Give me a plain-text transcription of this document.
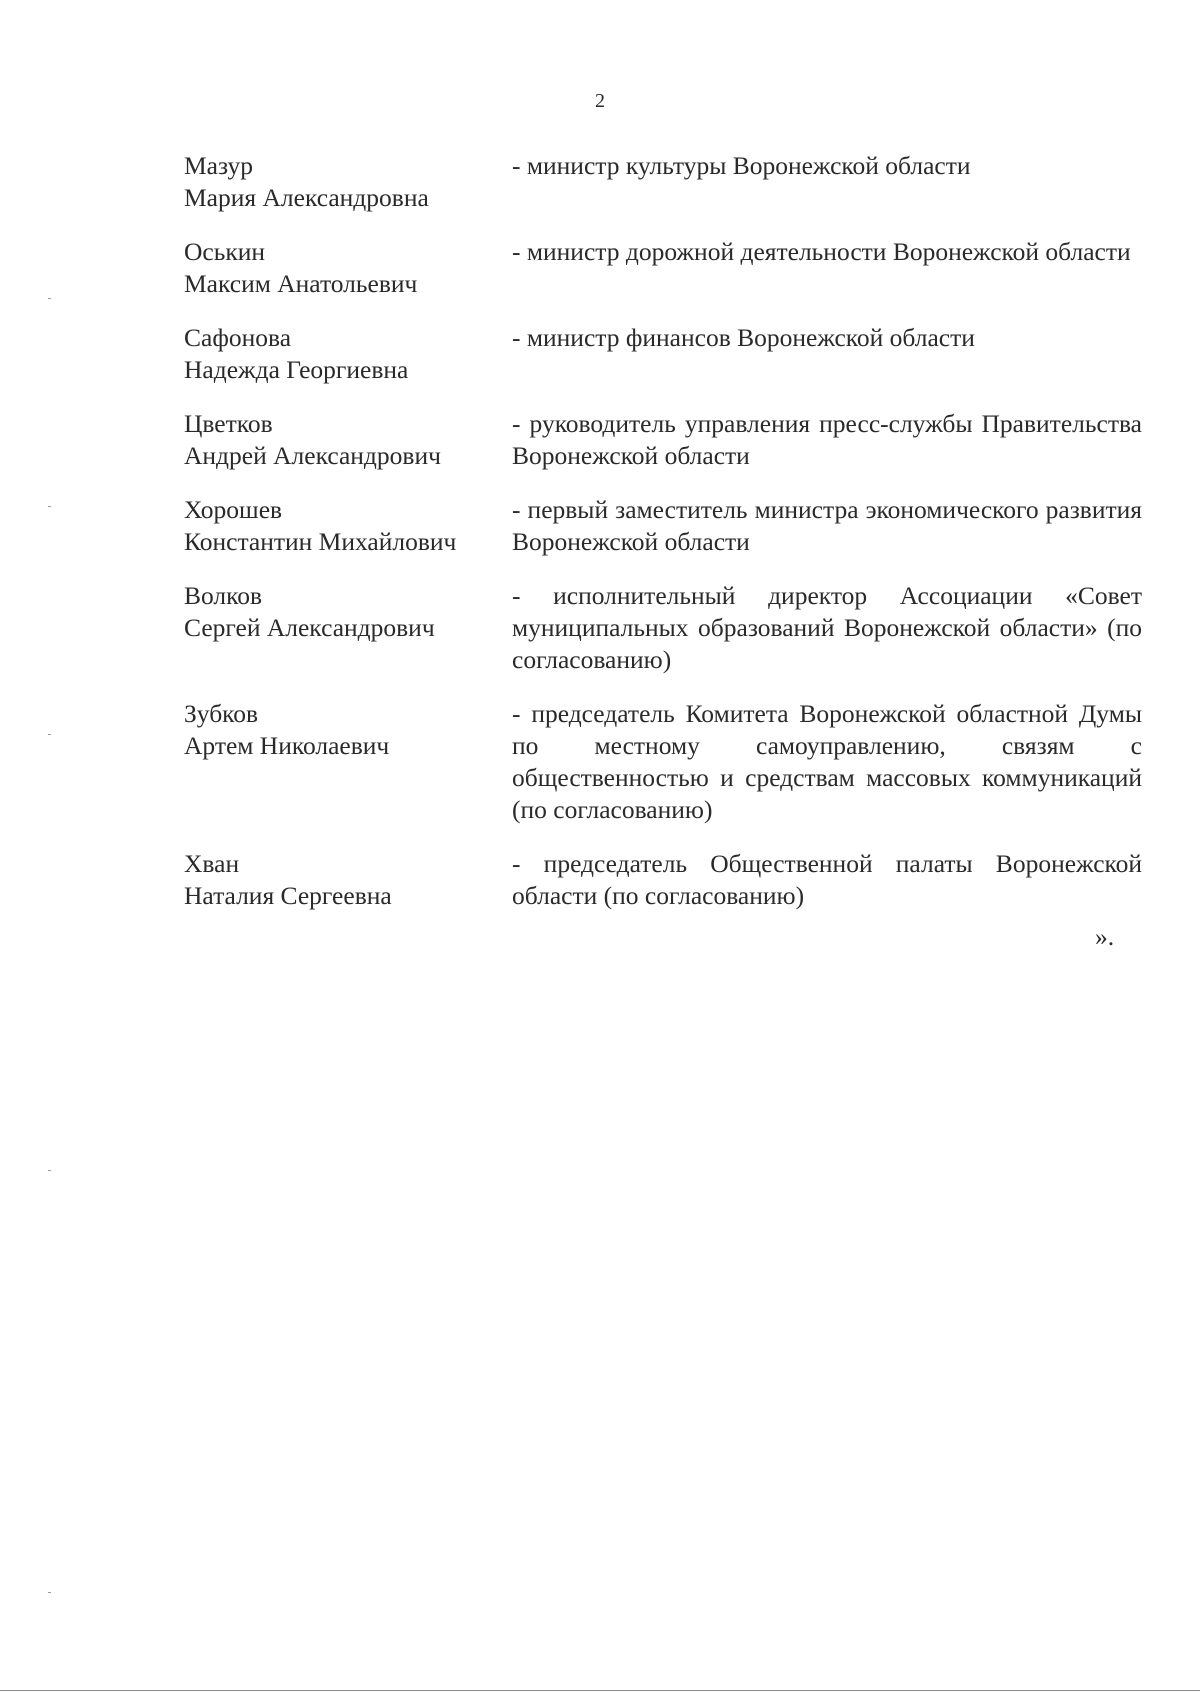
2
Мазур
Мария Александровна
- министр культуры Воронежской области
Оськин
Максим Анатольевич
- министр дорожной деятельности Воронежской области
Сафонова
Надежда Георгиевна
- министр финансов Воронежской области
Цветков
Андрей Александрович
- руководитель управления пресс-службы Правительства Воронежской области
Хорошев
Константин Михайлович
- первый заместитель министра экономического развития Воронежской области
Волков
Сергей Александрович
- исполнительный директор Ассоциации «Совет муниципальных образований Воронежской области» (по согласованию)
Зубков
Артем Николаевич
- председатель Комитета Воронежской областной Думы по местному самоуправлению, связям с общественностью и средствам массовых коммуникаций (по согласованию)
Хван
Наталия Сергеевна
- председатель Общественной палаты Воронежской области (по согласованию)
».
